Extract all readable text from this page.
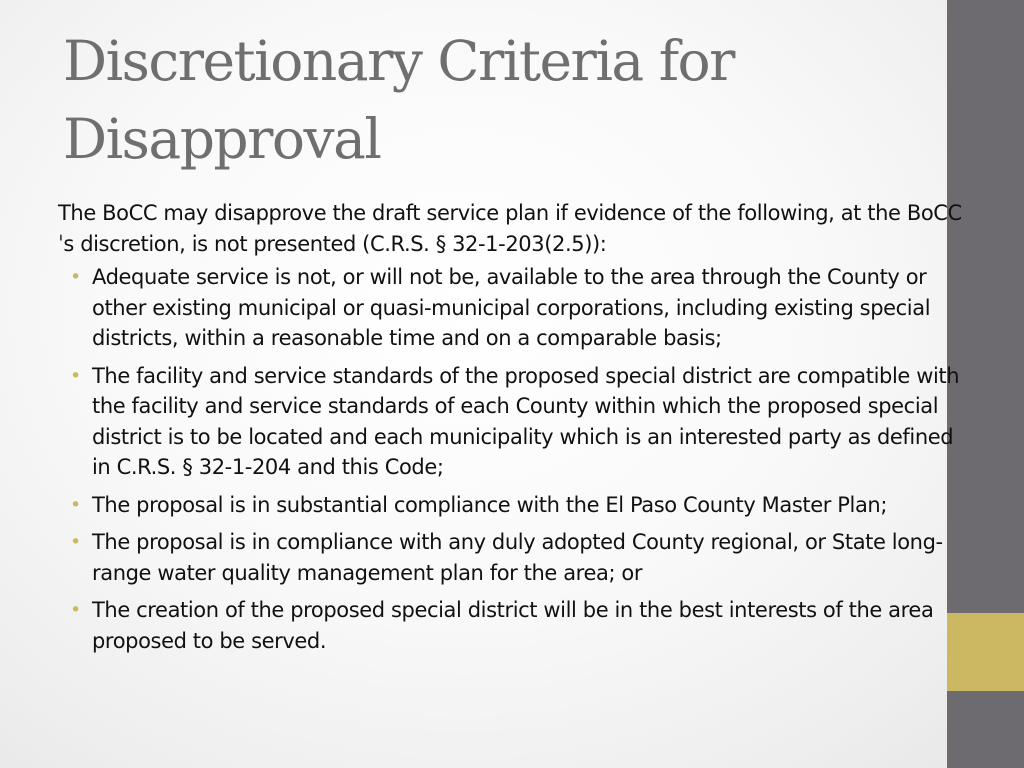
Discretionary Criteria for Disapproval

The BoCC may disapprove the draft service plan if evidence of the following, at the BoCCˈs discretion, is not presented (C.R.S. § 32-1-203(2.5)):

• Adequate service is not, or will not be, available to the area through the County or other existing municipal or quasi-municipal corporations, including existing special districts, within a reasonable time and on a comparable basis;
• The facility and service standards of the proposed special district are compatible with the facility and service standards of each County within which the proposed special district is to be located and each municipality which is an interested party as defined in C.R.S. § 32-1-204 and this Code;
• The proposal is in substantial compliance with the El Paso County Master Plan;
• The proposal is in compliance with any duly adopted County regional, or State long-range water quality management plan for the area; or
• The creation of the proposed special district will be in the best interests of the area proposed to be served.
